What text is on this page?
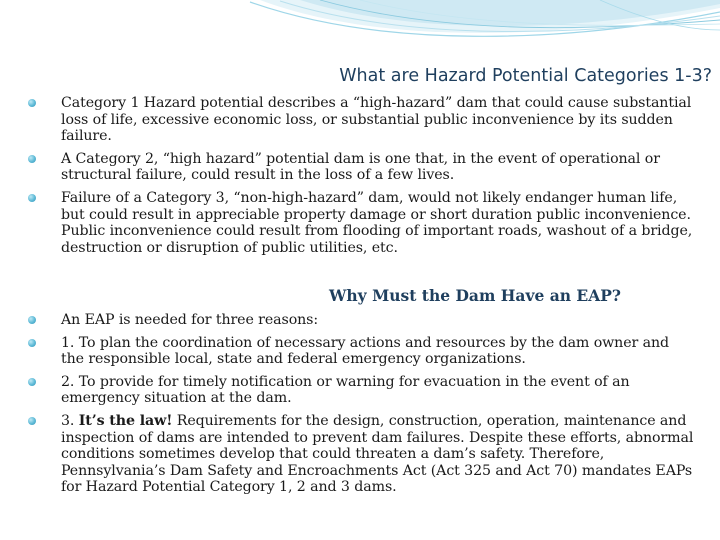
What are Hazard Potential Categories 1-3?
Category 1 Hazard potential describes a “high-hazard” dam that could cause substantial loss of life, excessive economic loss, or substantial public inconvenience by its sudden failure.
A Category 2, “high hazard” potential dam is one that, in the event of operational or structural failure, could result in the loss of a few lives.
Failure of a Category 3, “non-high-hazard” dam, would not likely endanger human life, but could result in appreciable property damage or short duration public inconvenience. Public inconvenience could result from flooding of important roads, washout of a bridge, destruction or disruption of public utilities, etc.
Why Must the Dam Have an EAP?
An EAP is needed for three reasons:
1. To plan the coordination of necessary actions and resources by the dam owner and the responsible local, state and federal emergency organizations.
2. To provide for timely notification or warning for evacuation in the event of an emergency situation at the dam.
3. It’s the law! Requirements for the design, construction, operation, maintenance and inspection of dams are intended to prevent dam failures. Despite these efforts, abnormal conditions sometimes develop that could threaten a dam’s safety. Therefore, Pennsylvania’s Dam Safety and Encroachments Act (Act 325 and Act 70) mandates EAPs for Hazard Potential Category 1, 2 and 3 dams.
